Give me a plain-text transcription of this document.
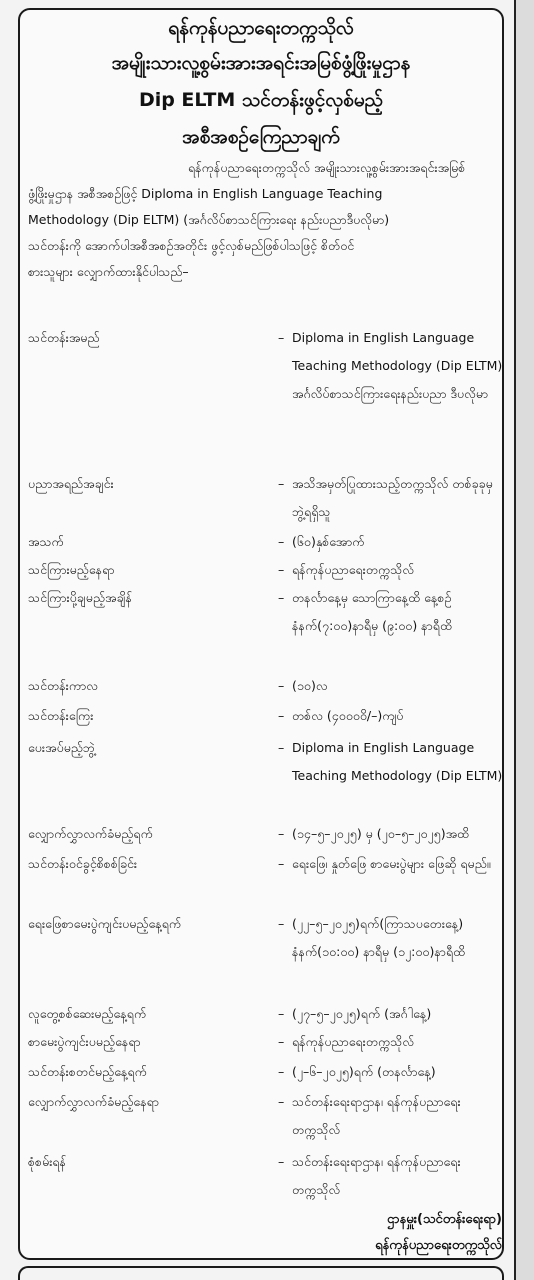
ရန်ကုန်ပညာရေးတက္ကသိုလ်
အမျိုးသားလူ့စွမ်းအားအရင်းအမြစ်ဖွံ့ဖြိုးမှုဌာန
Dip ELTM သင်တန်းဖွင့်လှစ်မည့်
အစီအစဉ်ကြေညာချက်
ရန်ကုန်ပညာရေးတက္ကသိုလ် အမျိုးသားလူ့စွမ်းအားအရင်းအမြစ်
ဖွံ့ဖြိုးမှုဌာန အစီအစဉ်ဖြင့် Diploma in English Language Teaching
Methodology (Dip ELTM) (အင်္ဂလိပ်စာသင်ကြားရေး နည်းပညာဒီပလိုမာ)
သင်တန်းကို အောက်ပါအစီအစဉ်အတိုင်း ဖွင့်လှစ်မည်ဖြစ်ပါသဖြင့် စိတ်ဝင်
စားသူများ လျှောက်ထားနိုင်ပါသည်–
သင်တန်းအမည်	– Diploma in English Language Teaching Methodology (Dip ELTM) အင်္ဂလိပ်စာသင်ကြားရေးနည်းပညာ ဒီပလိုမာ
ပညာအရည်အချင်း	– အသိအမှတ်ပြုထားသည့်တက္ကသိုလ် တစ်ခုခုမှ ဘွဲ့ရရှိသူ
အသက်	– (၆၀)နှစ်အောက်
သင်ကြားမည့်နေရာ	– ရန်ကုန်ပညာရေးတက္ကသိုလ်
သင်ကြားပို့ချမည့်အချိန်	– တနင်္လာနေ့မှ သောကြာနေ့ထိ နေ့စဉ် နံနက်(၇:၀၀)နာရီမှ (၉:၀၀) နာရီထိ
သင်တန်းကာလ	– (၁၀)လ
သင်တန်းကြေး	– တစ်လ (၄၀၀၀၀ိ/–)ကျပ်
ပေးအပ်မည့်ဘွဲ့	– Diploma in English Language Teaching Methodology (Dip ELTM)
လျှောက်လွှာလက်ခံမည့်ရက်	– (၁၄–၅–၂၀၂၅) မှ (၂၀–၅–၂၀၂၅)အထိ
သင်တန်းဝင်ခွင့်စိစစ်ခြင်း	– ရေးဖြေ၊ နှုတ်ဖြေ စာမေးပွဲများ ဖြေဆို ရမည်။
ရေးဖြေစာမေးပွဲကျင်းပမည့်နေ့ရက်	– (၂၂–၅–၂၀၂၅)ရက်(ကြာသပတေးနေ့) နံနက်(၁၀:၀၀) နာရီမှ (၁၂:၀၀)နာရီထိ
လူတွေ့စစ်ဆေးမည့်နေ့ရက်	– (၂၇–၅–၂၀၂၅)ရက် (အင်္ဂါနေ့)
စာမေးပွဲကျင်းပမည့်နေရာ	– ရန်ကုန်ပညာရေးတက္ကသိုလ်
သင်တန်းစတင်မည့်နေ့ရက်	– (၂–၆–၂၀၂၅)ရက် (တနင်္လာနေ့)
လျှောက်လွှာလက်ခံမည့်နေရာ	– သင်တန်းရေးရာဌာန၊ ရန်ကုန်ပညာရေးတက္ကသိုလ်
စုံစမ်းရန်	– သင်တန်းရေးရာဌာန၊ ရန်ကုန်ပညာရေးတက္ကသိုလ်
ဌာနမှူး(သင်တန်းရေးရာ)
ရန်ကုန်ပညာရေးတက္ကသိုလ်
